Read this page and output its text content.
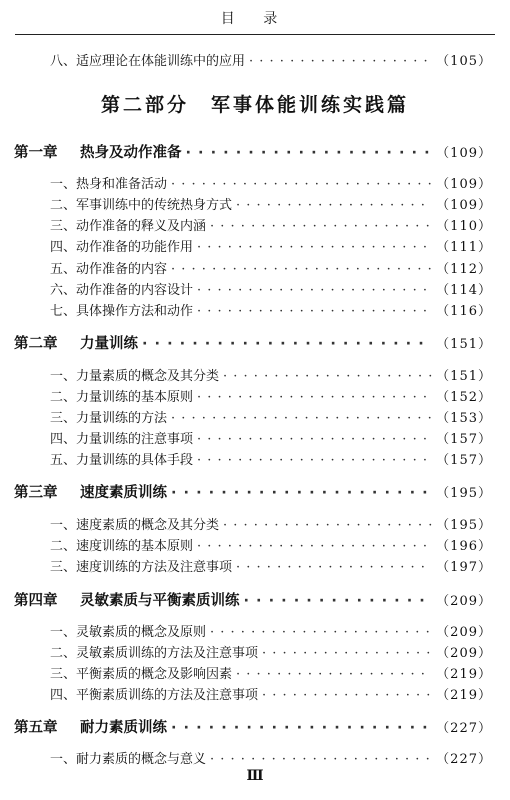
目 录
八、适应理论在体能训练中的应用 · · ·	（105）
第二部分　军事体能训练实践篇
第一章 热身及动作准备 · · ·	（109）
一、热身和准备活动 · · ·	（109）
二、军事训练中的传统热身方式 · · ·	（109）
三、动作准备的释义及内涵 · · ·	（110）
四、动作准备的功能作用 · · ·	（111）
五、动作准备的内容 · · ·	（112）
六、动作准备的内容设计 · · ·	（114）
七、具体操作方法和动作 · · ·	（116）
第二章 力量训练 · · ·	（151）
一、力量素质的概念及其分类 · · ·	（151）
二、力量训练的基本原则 · · ·	（152）
三、力量训练的方法 · · ·	（153）
四、力量训练的注意事项 · · ·	（157）
五、力量训练的具体手段 · · ·	（157）
第三章 速度素质训练 · · ·	（195）
一、速度素质的概念及其分类 · · ·	（195）
二、速度训练的基本原则 · · ·	（196）
三、速度训练的方法及注意事项 · · ·	（197）
第四章 灵敏素质与平衡素质训练 · · ·	（209）
一、灵敏素质的概念及原则 · · ·	（209）
二、灵敏素质训练的方法及注意事项 · · ·	（209）
三、平衡素质的概念及影响因素 · · ·	（219）
四、平衡素质训练的方法及注意事项 · · ·	（219）
第五章 耐力素质训练 · · ·	（227）
一、耐力素质的概念与意义 · · ·	（227）
Ⅲ
